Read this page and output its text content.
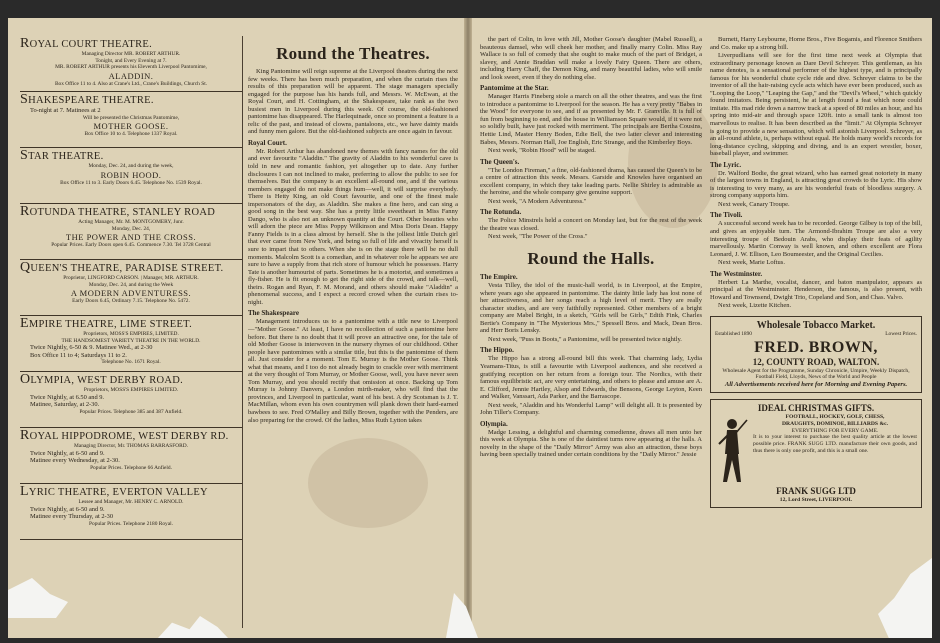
ROYAL COURT THEATRE.
Managing Director MR. ROBERT ARTHUR.
Tonight, and Every Evening at 7.
MR. ROBERT ARTHUR presents his Eleventh Liverpool Pantomime,
ALADDIN.
Box Office 11 to 4. Also at Crane's Ltd., Crane's Buildings, Church St.
SHAKESPEARE THEATRE.
To-night at 7. Matinees at 2
Will be presented the Christmas Pantomime,
MOTHER GOOSE.
Box Office 10 to 4. Telephone 1337 Royal.
STAR THEATRE.
Monday, Dec. 24, and during the week,
ROBIN HOOD.
Box Office 11 to 3. Early Doors 6.45. Telephone No. 1539 Royal.
ROTUNDA THEATRE, STANLEY ROAD
Acting Manager, Mr. M. MONTGOMERY, Junr.
Monday, Dec. 24,
THE POWER AND THE CROSS.
Popular Prices. Early Doors open 6.45. Commence 7.30. Tel 3728 Central
QUEEN'S THEATRE, PARADISE STREET.
Proprietor, LINGFORD CARSON. | Manager, MR. ARTHUR.
Monday, Dec. 24, and during the Week
A MODERN ADVENTURESS.
Early Doors 6.45, Ordinary 7.15. Telephone No. 5472.
EMPIRE THEATRE, LIME STREET.
Proprietors, MOSS'S EMPIRES, LIMITED.
THE HANDSOMEST VARIETY THEATRE IN THE WORLD.
Twice Nightly, 6-50 & 9. Matinee Wed., at 2-30
Box Office 11 to 4; Saturdays 11 to 2.
Telephone No. 1671 Royal.
OLYMPIA, WEST DERBY ROAD.
Proprietors, MOSS'S EMPIRES LIMITED.
Twice Nightly, at 6.50 and 9.
Matinee, Saturday, at 2-30.
Popular Prices. Telephone 385 and 387 Anfield.
ROYAL HIPPODROME, WEST DERBY RD.
Managing Director, Mr. THOMAS BARRASFORD.
Twice Nightly, at 6-50 and 9.
Matinee every Wednesday, at 2-30.
Popular Prices. Telephone 66 Anfield.
LYRIC THEATRE, EVERTON VALLEY
Lessee and Manager, Mr. HENRY C. ARNOLD.
Twice Nightly, at 6-50 and 9.
Matinee every Thursday, at 2-30
Popular Prices. Telephone 2180 Royal.
Round the Theatres.

King Pantomime will reign supreme at the Liverpool theatres during the next few weeks. There has been much preparation, and when the curtain rises the results of this preparation will be apparent. The stage managers specially engaged for the purpose has his hands full, and Messrs. W. McEwan, at the Royal Court, and H. Cottingham, at the Shakespeare, take rank as the two busiest men in Liverpool during this week. Of course, the old-fashioned pantomime has disappeared. The Harlequinade, once so prominent a feature is a relic of the past, and instead of clowns, pantaloons, etc., we have dainty maids and funny men galore. But the old-fashioned subjects are once again in favour.

Royal Court.

Mr. Robert Arthur has abandoned new themes with fancy names for the old and ever favourite "Aladdin." The gravity of Aladdin to his wonderful cave is told in new and romantic fashion, yet altogether up to date. Any further disclosures I can not inclined to make, preferring to allow the public to see for themselves. But the company is an excellent all-round one, and if the various members engaged do not make things hum—well, it will surprise everybody. There is Hetty King, an old Court favourite, and one of the finest male impersonators of the day, as Aladdin. She makes a fine hero, and can sing a good song in the best way. She has a pretty little sweetheart in Miss Fanny Dango, who is also not an unknown quantity at the Court. Other beauties who will adorn the piece are Miss Poppy Wilkinson and Miss Doris Dean. Happy Fanny Fields is in a class almost by herself. She is the jolliest little Dutch girl that ever came from New York, and being so full of life and vivacity herself is sure to impart that to others. When she is on the stage there will be no dull moments. Malcolm Scott is a comedian, and in whatever role he appears we are sure to have a supply from that rich store of humour which he possesses. Harry Tate is another humourist of parts. Sometimes he is a motorist, and sometimes a fly-fisher. He is fit enough to get the right side of the crowd, and talk—well, theirs. Rogan and Ryan, F. M. Morand, and others should make "Aladdin" a phenomenal success, and I expect a record crowd when the curtain rises to-night.

The Shakespeare

Management introduces us to a pantomime with a title new to Liverpool—"Mother Goose." At least, I have no recollection of such a pantomime here before. But there is no doubt that it will prove an attractive one, for the tale of old Mother Goose is interwoven in the nursery rhymes of our childhood. Other people have pantomimes with a similar title, but this is the pantomime of them all. Just consider for a moment. Tom E. Murray is the Mother Goose. Think what that means, and I too do not already begin to crackle over with merriment at the very thought of Tom Murray, or Mother Goose, well, you have never seen Tom Murray, and you should rectify that omission at once. Backing up Tom Murray is Johnny Danvers, a London mirth-maker, who will find that the provinces, and Liverpool in particular, want of his best. A dry Scotsman is J. T. MacMillan, whom even his own countrymen will plank down their hard-earned bawbees to see. Fred O'Malley and Billy Brown, together with the Penders, are also preparing for the crowd. Of the ladies, Miss Ruth Lytton takes

the part of Colin, in love with Jill, Mother Goose's daughter (Mabel Russell), a beauteous damsel, who will cheek her mother, and finally marry Colin. Miss Ray Wallace is so full of comedy that she ought to make much of the part of Bridget, a slavey, and Annie Braddan will make a lovely Fairy Queen. There are others, including Harry Chaff, the Demon King, and many beautiful ladies, who will smile and look sweet, even if they do nothing else.

Pantomime at the Star.

Manager Harris Fineberg stole a march on all the other theatres, and was the first to introduce a pantomime to Liverpool for the season. He has a very pretty "Babes in the Wood" for everyone to see, and if as presented by Mr. F. Granville. It is full of fun from beginning to end, and the house in Williamson Square would, if it were not so solidly built, have just rocked with merriment. The principals are Bertha Cousins, Hettie Lind, Master Henry Boden, Edie Bell, the two latter clever and interesting Babes, Messrs. Norman Hall, Joe English, Eric Strange, and the Kimberley Boys.

Next week, "Robin Hood" will be staged.

The Queen's.

"The London Fireman," a fine, old-fashioned drama, has caused the Queen's to be a centre of attraction this week. Messrs. Garside and Knowles have organised an excellent company, in which they take leading parts. Nellie Shirley is admirable as the heroine, and the whole company give genuine support.

Next week, "A Modern Adventuress."

The Rotunda.

The Police Minstrels held a concert on Monday last, but for the rest of the week the theatre was closed.

Next week, "The Power of the Cross."

Round the Halls.
The Empire.

Vesta Tilley, the idol of the music-hall world, is in Liverpool, at the Empire, where years ago she appeared in pantomime. The dainty little lady has lost none of her attractiveness, and her songs reach a high level of merit. They are really character studies, and are very faithfully represented. Other members of a bright company are Mabel Bright, in a sketch, "Girls will be Girls," Edith Fink, Charles Bertie's Company in "The Mysterious Mrs.," Spessell Bros. and Mack, Dean Bros. and Herr Boris Lensky.

Next week, "Puss in Boots," a Pantomime, will be presented twice nightly.

The Hippo.

The Hippo has a strong all-round bill this week. That charming lady, Lydia Yeamans-Titus, is still a favourite with Liverpool audiences, and she received a gratifying reception on her return from a foreign tour. The Nordics, with their famous equilibristic act, are very entertaining, and others to please and amuse are A. E. Clifford, Jennie Hartley, Alsop and Edwards, the Bensons, George Leyton, Keen and Walker, Vanssart, Ada Parker, and the Barrascope.

Next week, "Aladdin and his Wonderful Lamp" will delight all. It is presented by John Tiller's Company.

Olympia.

Madge Lessing, a delightful and charming comedienne, draws all men unto her this week at Olympia. She is one of the daintiest turns now appearing at the halls. A novelty in the shape of the "Daily Mirror" Army was also an attraction, these boys having been specially trained under certain conditions by the "Daily Mirror." Jessie

Burnett, Harry Leybourne, Horne Bros., Five Bogamis, and Florence Smithers and Co. make up a strong bill.

Liverpudlians will see for the first time next week at Olympia that extraordinary personage known as Dare Devil Schreyer. This gentleman, as his name denotes, is a sensational performer of the highest type, and is principally famous for his wonderful chute cycle ride and dive. Schreyer claims to be the inventor of all the hair-raising cycle acts which have ever been produced, such as "Looping the Loop," "Leaping the Gap," and the "Devil's Wheel," which quickly found imitators. Being persistent, he at length found a feat which none could imitate. His mad ride down a narrow track at a speed of 80 miles an hour, and his spring into mid-air and through space 120ft. into a small tank is almost too marvellous to realise. It has been described as the "limit." At Olympia Schreyer is going to provide a new sensation, which will astonish Liverpool. Schreyer, as an all-round athlete, is, perhaps without equal. He holds many world's records for long-distance cycling, skipping and diving, and is an expert wrestler, boxer, baseball player, and swimmer.

The Lyric.

Dr. Walford Bodie, the great wizard, who has earned great notoriety in many of the largest towns in England, is attracting great crowds to the Lyric. His show is interesting to very many, as are his wonderful feats of bloodless surgery. A strong company supports him.

Next week, Canary Troupe.

The Tivoli.

A successful second week has to be recorded. George Gilbey is top of the bill, and gives an enjoyable turn. The Armond-Ibrahim Troupe are also a very interesting troupe of Bedouin Arabs, who display their feats of agility marvellously. Martin Conway is well known, and others excellent are Flora Leonard, J. W. Ellison, Leo Boumeester, and the Original Cecilies.

Next week, Marie Loftus.

The Westminster.

Herbert La Marthe, vocalist, dancer, and baton manipulator, appears as principal at the Westminster. Henderson, the famous, is also present, with Howard and Townsend, Dwight Trio, Copeland and Son, and Chas. Valvo.

Next week, Lizette Kitchen.

Wholesale Tobacco Market.
Established 1890	Lowest Prices.
FRED. BROWN,
12, COUNTY ROAD, WALTON.
Wholesale Agent for the Programme, Sunday Chronicle, Umpire, Weekly Dispatch, Football Field, Lloyds, News of the World and People
All Advertisements received here for Morning and Evening Papers.
IDEAL CHRISTMAS GIFTS.
FOOTBALL, HOCKEY, GOLF, CHESS,
DRAUGHTS, DOMINOE, BILLIARDS &c.
EVERYTHING FOR EVERY GAME.
It is to your interest to purchase the best quality article at the lowest possible price. FRANK SUGG LTD. manufacture their own goods, and thus there is only one profit, and this is a small one.
FRANK SUGG LTD
12, Lord Street, LIVERPOOL
